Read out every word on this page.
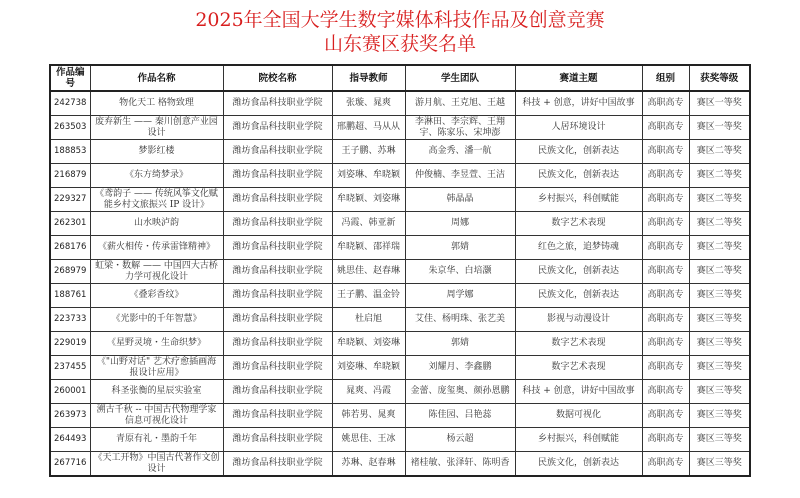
2025年全国大学生数字媒体科技作品及创意竞赛
山东赛区获奖名单
作品编号	作品名称	院校名称	指导教师	学生团队	赛道主题	组别	获奖等级
242738	物化天工 格物致理	潍坊食品科技职业学院	张璇、晁爽	游月航、王克旭、王越	科技 + 创意，讲好中国故事	高职高专	赛区一等奖
263503	废弃新生 —— 秦川创意产业园设计	潍坊食品科技职业学院	邢鹏超、马从从	李淋田、李宗辉、王翔宇、陈家乐、宋坤澎	人居环境设计	高职高专	赛区一等奖
188853	梦影红楼	潍坊食品科技职业学院	王子鹏、苏琳	高金秀、潘一航	民族文化，创新表达	高职高专	赛区二等奖
216879	《东方绮梦录》	潍坊食品科技职业学院	刘姿琳、牟晓颖	仲俊楠、李昱萱、王洁	民族文化，创新表达	高职高专	赛区二等奖
229327	《鸢韵子 —— 传统风筝文化赋能乡村文旅振兴 IP 设计》	潍坊食品科技职业学院	牟晓颖、刘姿琳	韩晶晶	乡村振兴，科创赋能	高职高专	赛区二等奖
262301	山水映泸韵	潍坊食品科技职业学院	冯霞、韩亚新	周娜	数字艺术表现	高职高专	赛区二等奖
268176	《薪火相传・传承雷锋精神》	潍坊食品科技职业学院	牟晓颖、邵祥瑞	郭婧	红色之旅，追梦铸魂	高职高专	赛区二等奖
268979	虹梁・数解 —— 中国四大古桥力学可视化设计	潍坊食品科技职业学院	姚思佳、赵春琳	朱京华、白培灏	民族文化，创新表达	高职高专	赛区二等奖
188761	《叠彩香纹》	潍坊食品科技职业学院	王子鹏、温金铃	周学娜	民族文化，创新表达	高职高专	赛区三等奖
223733	《光影中的千年智慧》	潍坊食品科技职业学院	杜启旭	艾佳、杨明珠、张艺美	影视与动漫设计	高职高专	赛区三等奖
229019	《星野灵境・生命织梦》	潍坊食品科技职业学院	牟晓颖、刘姿琳	郭婧	数字艺术表现	高职高专	赛区三等奖
237455	《"山野对话" 艺术疗愈插画海报设计应用》	潍坊食品科技职业学院	刘姿琳、牟晓颖	刘耀月、李鑫鹏	数字艺术表现	高职高专	赛区三等奖
260001	科圣张衡的星辰实验室	潍坊食品科技职业学院	晁爽、冯霞	金蕾、庞玺奥、颜孙恩鹏	科技 + 创意，讲好中国故事	高职高专	赛区三等奖
263973	溯古千秋 -- 中国古代物理学家信息可视化设计	潍坊食品科技职业学院	韩若男、晁爽	陈佳园、吕艳蕊	数据可视化	高职高专	赛区三等奖
264493	青原有礼・墨韵千年	潍坊食品科技职业学院	姚思佳、王冰	杨云超	乡村振兴，科创赋能	高职高专	赛区三等奖
267716	《天工开物》中国古代著作文创设计	潍坊食品科技职业学院	苏琳、赵春琳	褚桂敏、张泽轩、陈明香	民族文化，创新表达	高职高专	赛区三等奖
